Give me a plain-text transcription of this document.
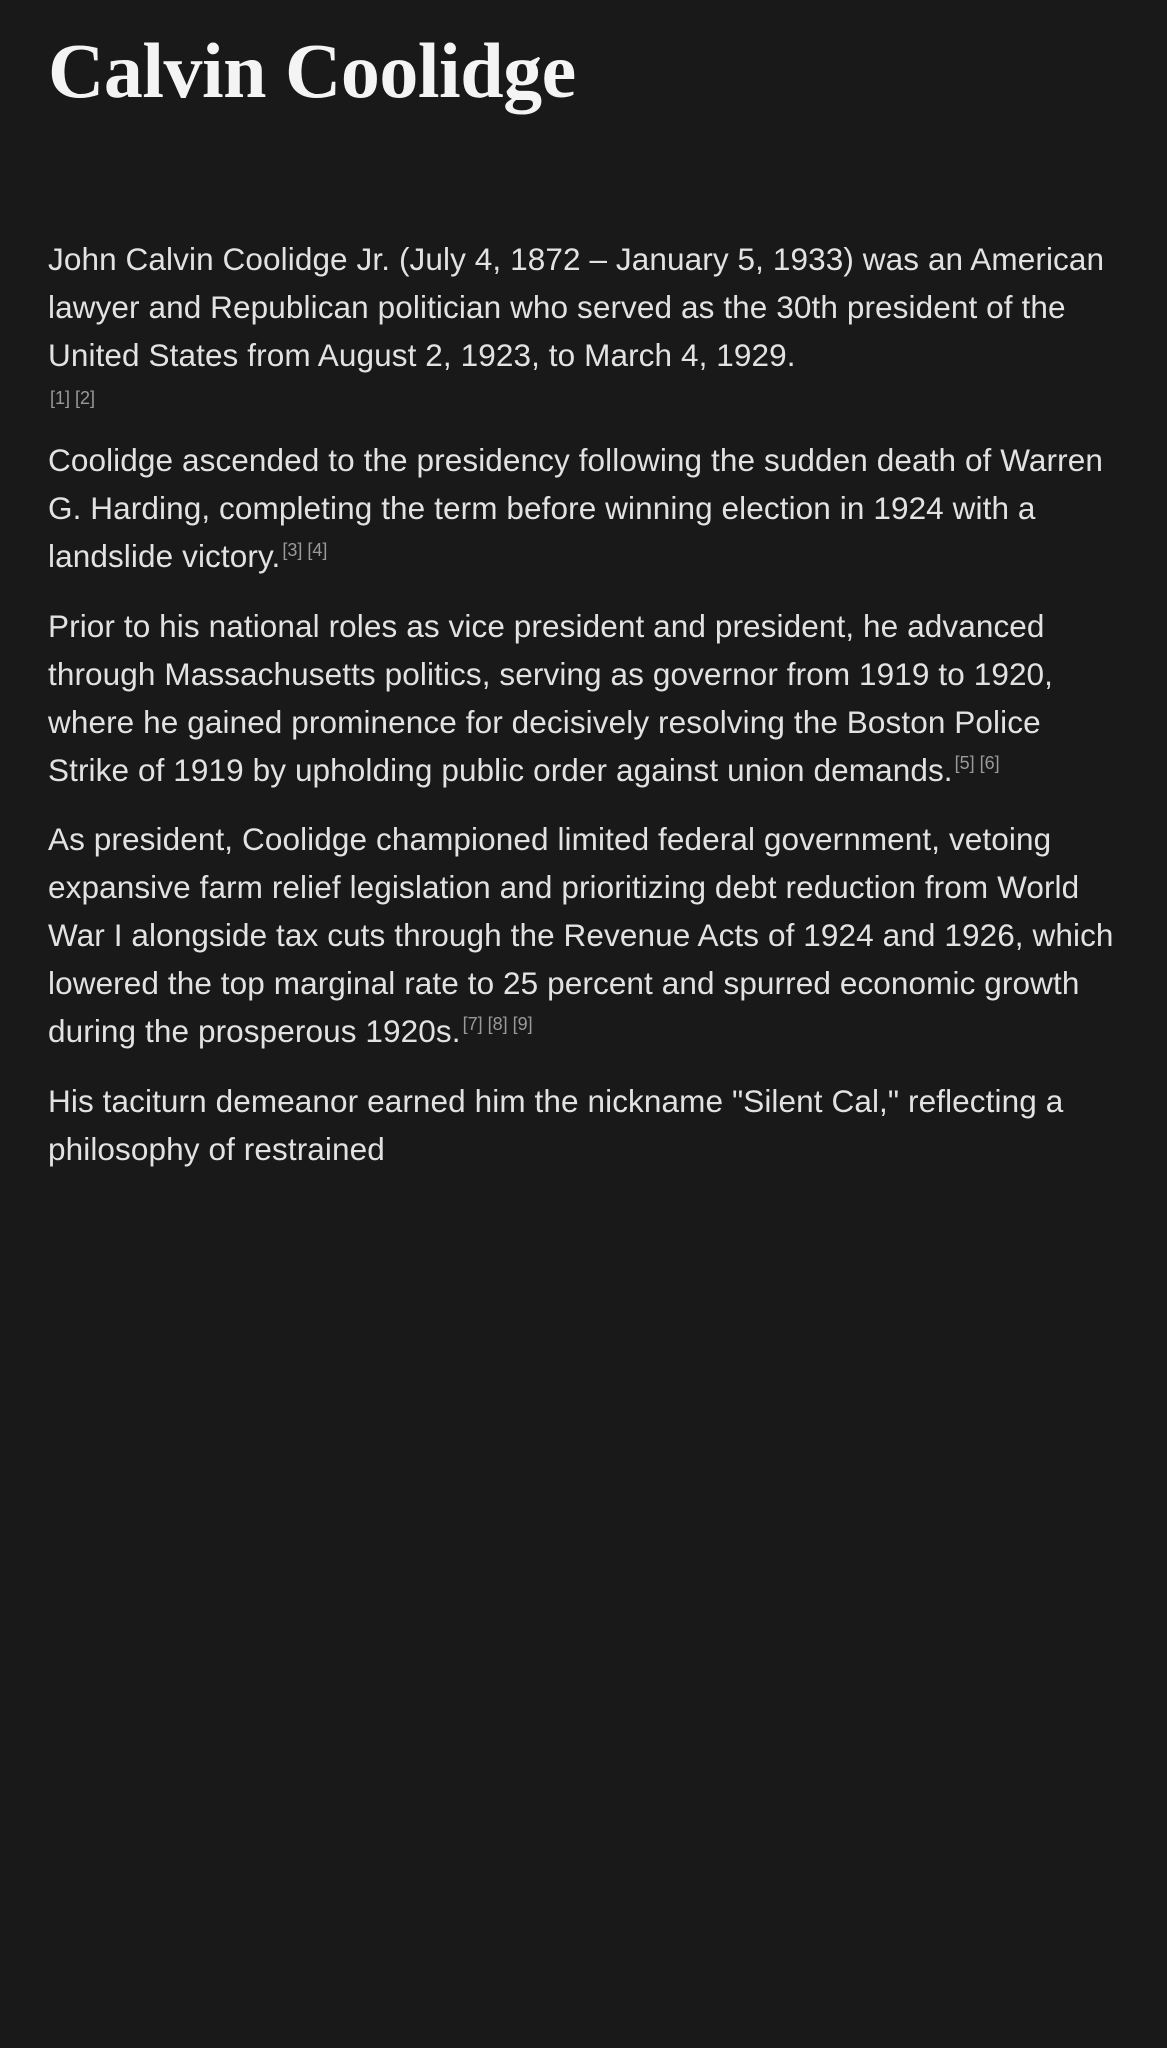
Calvin Coolidge

John Calvin Coolidge Jr. (July 4, 1872 – January 5, 1933) was an American lawyer and Republican politician who served as the 30th president of the United States from August 2, 1923, to March 4, 1929.
[1] [2]

Coolidge ascended to the presidency following the sudden death of Warren G. Harding, completing the term before winning election in 1924 with a landslide victory. [3] [4]

Prior to his national roles as vice president and president, he advanced through Massachusetts politics, serving as governor from 1919 to 1920, where he gained prominence for decisively resolving the Boston Police Strike of 1919 by upholding public order against union demands. [5] [6]

As president, Coolidge championed limited federal government, vetoing expansive farm relief legislation and prioritizing debt reduction from World War I alongside tax cuts through the Revenue Acts of 1924 and 1926, which lowered the top marginal rate to 25 percent and spurred economic growth during the prosperous 1920s. [7] [8] [9]

His taciturn demeanor earned him the nickname "Silent Cal," reflecting a philosophy of restrained
